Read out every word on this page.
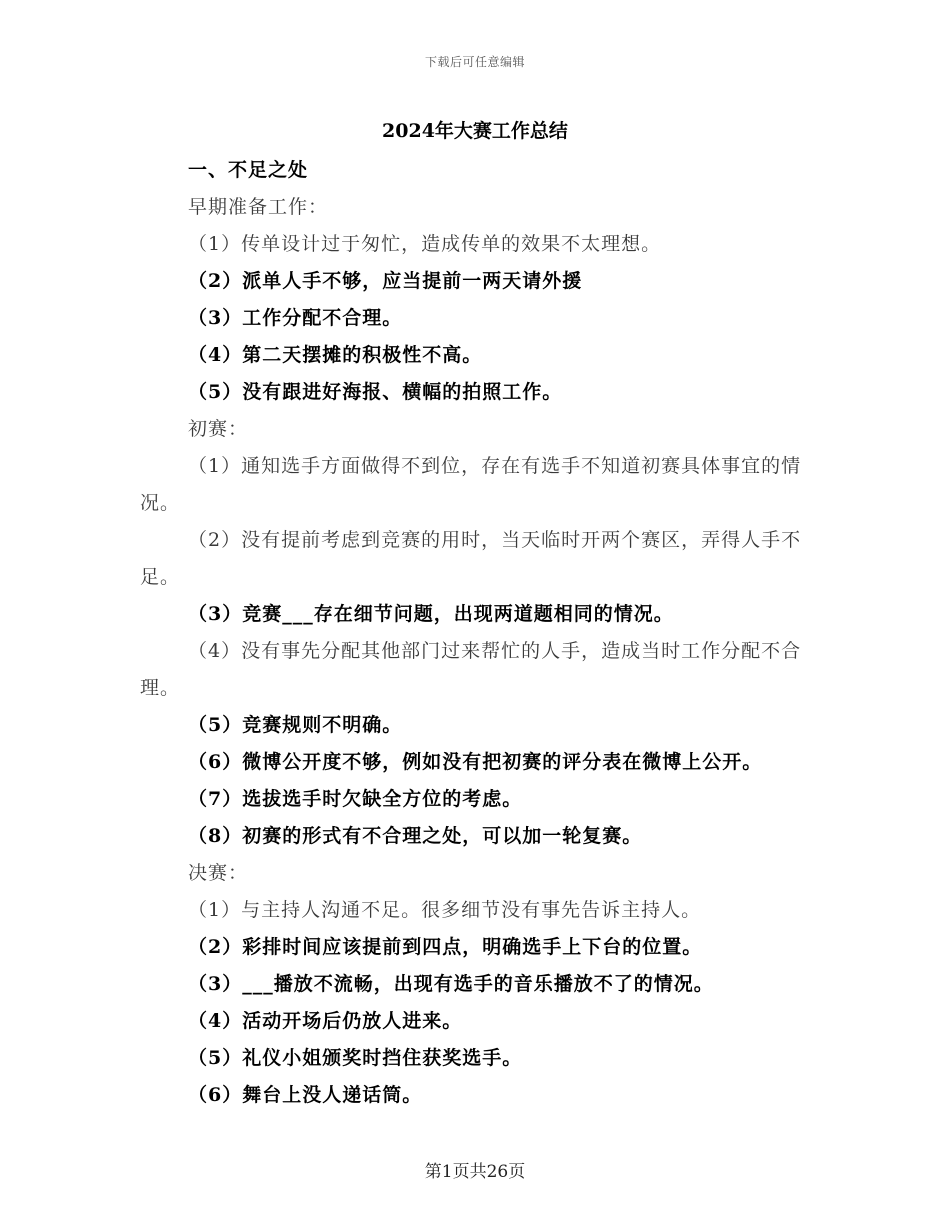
下载后可任意编辑
2024年大赛工作总结

一、不足之处

早期准备工作：

（1）传单设计过于匆忙，造成传单的效果不太理想。

（2）派单人手不够，应当提前一两天请外援

（3）工作分配不合理。

（4）第二天摆摊的积极性不高。

（5）没有跟进好海报、横幅的拍照工作。

初赛：

（1）通知选手方面做得不到位，存在有选手不知道初赛具体事宜的情况。

（2）没有提前考虑到竞赛的用时，当天临时开两个赛区，弄得人手不足。

（3）竞赛___存在细节问题，出现两道题相同的情况。

（4）没有事先分配其他部门过来帮忙的人手，造成当时工作分配不合理。

（5）竞赛规则不明确。

（6）微博公开度不够，例如没有把初赛的评分表在微博上公开。

（7）选拔选手时欠缺全方位的考虑。

（8）初赛的形式有不合理之处，可以加一轮复赛。

决赛：

（1）与主持人沟通不足。很多细节没有事先告诉主持人。

（2）彩排时间应该提前到四点，明确选手上下台的位置。

（3）___播放不流畅，出现有选手的音乐播放不了的情况。

（4）活动开场后仍放人进来。

（5）礼仪小姐颁奖时挡住获奖选手。

（6）舞台上没人递话筒。

第1页共26页
